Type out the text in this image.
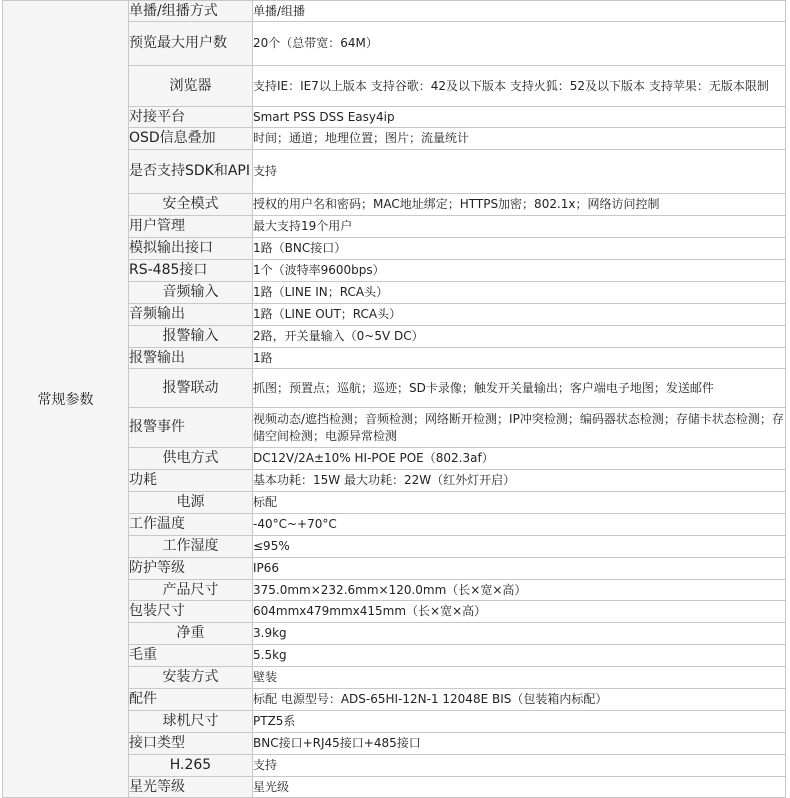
常规参数	单播/组播方式	单播/组播
	预览最大用户数	20个（总带宽：64M）
	浏览器	支持IE：IE7以上版本 支持谷歌：42及以下版本 支持火狐：52及以下版本 支持苹果：无版本限制
	对接平台	Smart PSS DSS Easy4ip
	OSD信息叠加	时间；通道；地理位置；图片；流量统计
	是否支持SDK和API	支持
	安全模式	授权的用户名和密码；MAC地址绑定；HTTPS加密；802.1x；网络访问控制
	用户管理	最大支持19个用户
	模拟输出接口	1路（BNC接口）
	RS-485接口	1个（波特率9600bps）
	音频输入	1路（LINE IN；RCA头）
	音频输出	1路（LINE OUT；RCA头）
	报警输入	2路，开关量输入（0~5V DC）
	报警输出	1路
	报警联动	抓图；预置点；巡航；巡迹；SD卡录像；触发开关量输出；客户端电子地图；发送邮件
	报警事件	视频动态/遮挡检测；音频检测；网络断开检测；IP冲突检测；编码器状态检测；存储卡状态检测；存储空间检测；电源异常检测
	供电方式	DC12V/2A±10% HI-POE POE（802.3af）
	功耗	基本功耗：15W 最大功耗：22W（红外灯开启）
	电源	标配
	工作温度	-40°C~+70°C
	工作湿度	≤95%
	防护等级	IP66
	产品尺寸	375.0mm×232.6mm×120.0mm（长×宽×高）
	包装尺寸	604mmx479mmx415mm（长×宽×高）
	净重	3.9kg
	毛重	5.5kg
	安装方式	壁装
	配件	标配 电源型号：ADS-65HI-12N-1 12048E BIS（包装箱内标配）
	球机尺寸	PTZ5系
	接口类型	BNC接口+RJ45接口+485接口
	H.265	支持
	星光等级	星光级
